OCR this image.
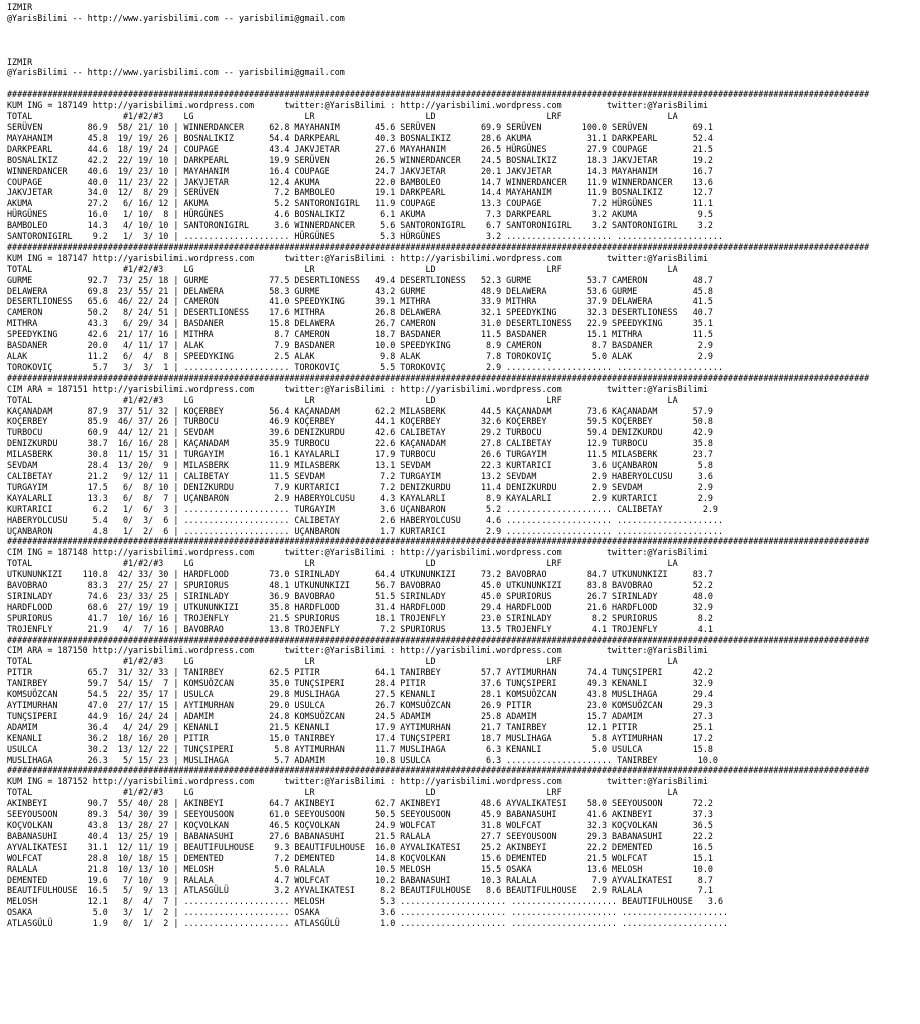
IZMIR
@YarisBilimi -- http://www.yarisbilimi.com -- yarisbilimi@gmail.com
IZMIR
@YarisBilimi -- http://www.yarisbilimi.com -- yarisbilimi@gmail.com
###########################################################################################################################################################################
KUM ING = 187149 http://yarisbilimi.wordpress.com      twitter:@YarisBilimi : http://yarisbilimi.wordpress.com         twitter:@YarisBilimi
TOTAL                  #1/#2/#3    LG                      LR                      LD                      LRF                     LA
SERÜVEN         86.9  58/ 21/ 10 | WINNERDANCER     62.8 MAYAHANIM       45.6 SERÜVEN         69.9 SERÜVEN        100.0 SERÜVEN         69.1
MAYAHANIM       45.8  19/ 19/ 26 | BOSNALIKIZ       54.4 DARKPEARL       40.3 BOSNALIKIZ      28.6 AKUMA           31.1 DARKPEARL       52.4
DARKPEARL       44.6  18/ 19/ 24 | COUPAGE          43.4 JAKVJETAR       27.6 MAYAHANIM       26.5 HÜRGÜNES        27.9 COUPAGE         21.5
BOSNALIKIZ      42.2  22/ 19/ 10 | DARKPEARL        19.9 SERÜVEN         26.5 WINNERDANCER    24.5 BOSNALIKIZ      18.3 JAKVJETAR       19.2
WINNERDANCER    40.6  19/ 23/ 10 | MAYAHANIM        16.4 COUPAGE         24.7 JAKVJETAR       20.1 JAKVJETAR       14.3 MAYAHANIM       16.7
COUPAGE         40.0  11/ 23/ 22 | JAKVJETAR        12.4 AKUMA           22.0 BAMBOLEO        14.7 WINNERDANCER    11.9 WINNERDANCER    13.6
JAKVJETAR       34.0  12/  8/ 29 | SERÜVEN           7.2 BAMBOLEO        19.1 DARKPEARL       14.4 MAYAHANIM       11.9 BOSNALIKIZ      12.7
AKUMA           27.2   6/ 16/ 12 | AKUMA             5.2 SANTORONIGIRL   11.9 COUPAGE         13.3 COUPAGE          7.2 HÜRGÜNES        11.1
HÜRGÜNES        16.0   1/ 10/  8 | HÜRGÜNES          4.6 BOSNALIKIZ       6.1 AKUMA            7.3 DARKPEARL        3.2 AKUMA            9.5
BAMBOLEO        14.3   4/ 10/ 10 | SANTORONIGIRL     3.6 WINNERDANCER     5.6 SANTORONIGIRL    6.7 SANTORONIGIRL    3.2 SANTORONIGIRL    3.2
SANTORONIGIRL    9.2   1/  3/ 10 | ..................... HÜRGÜNES         5.3 HÜRGÜNES         3.2 ..................... .....................
###########################################################################################################################################################################
KUM ING = 187147 http://yarisbilimi.wordpress.com      twitter:@YarisBilimi : http://yarisbilimi.wordpress.com         twitter:@YarisBilimi
TOTAL                  #1/#2/#3    LG                      LR                      LD                      LRF                     LA
GURME           92.7  73/ 25/ 18 | GURME            77.5 DESERTLIONESS   49.4 DESERTLIONESS   52.3 GURME           53.7 CAMERON         48.7
DELAWERA        69.8  23/ 55/ 21 | DELAWERA         58.3 GURME           43.2 GURME           48.9 DELAWERA        53.6 GURME           45.8
DESERTLIONESS   65.6  46/ 22/ 24 | CAMERON          41.0 SPEEDYKING      39.1 MITHRA          33.9 MITHRA          37.9 DELAWERA        41.5
CAMERON         50.2   8/ 24/ 51 | DESERTLIONESS    17.6 MITHRA          26.8 DELAWERA        32.1 SPEEDYKING      32.3 DESERTLIONESS   40.7
MITHRA          43.3   6/ 29/ 34 | BASDANER         15.8 DELAWERA        26.7 CAMERON         31.0 DESERTLIONESS   22.9 SPEEDYKING      35.1
SPEEDYKING      42.6  21/ 17/ 16 | MITHRA            8.7 CAMERON         18.7 BASDANER        11.5 BASDANER        15.1 MITHRA          11.5
BASDANER        20.0   4/ 11/ 17 | ALAK              7.9 BASDANER        10.0 SPEEDYKING       8.9 CAMERON          8.7 BASDANER         2.9
ALAK            11.2   6/  4/  8 | SPEEDYKING        2.5 ALAK             9.8 ALAK             7.8 TOROKOVIÇ        5.0 ALAK             2.9
TOROKOVIÇ        5.7   3/  3/  1 | ..................... TOROKOVIÇ        5.5 TOROKOVIÇ        2.9 ..................... .....................
###########################################################################################################################################################################
CIM ARA = 187151 http://yarisbilimi.wordpress.com      twitter:@YarisBilimi : http://yarisbilimi.wordpress.com         twitter:@YarisBilimi
TOTAL                  #1/#2/#3    LG                      LR                      LD                      LRF                     LA
KAÇANADAM       87.9  37/ 51/ 32 | KOÇERBEY         56.4 KAÇANADAM       62.2 MILASBERK       44.5 KAÇANADAM       73.6 KAÇANADAM       57.9
KOÇERBEY        85.9  46/ 37/ 26 | TURBOCU          46.9 KOÇERBEY        44.1 KOÇERBEY        32.6 KOÇERBEY        59.5 KOÇERBEY        50.8
TURBOCU         60.9  44/ 12/ 21 | SEVDAM           39.6 DENIZKURDU      42.6 CALIBETAY       29.2 TURBOCU         59.4 DENIZKURDU      42.9
DENIZKURDU      38.7  16/ 16/ 28 | KAÇANADAM        35.9 TURBOCU         22.6 KAÇANADAM       27.8 CALIBETAY       12.9 TURBOCU         35.8
MILASBERK       30.8  11/ 15/ 31 | TURGAYIM         16.1 KAYALARLI       17.9 TURBOCU         26.6 TURGAYIM        11.5 MILASBERK       23.7
SEVDAM          28.4  13/ 20/  9 | MILASBERK        11.9 MILASBERK       13.1 SEVDAM          22.3 KURTARICI        3.6 UÇANBARON        5.8
CALIBETAY       21.2   9/ 12/ 11 | CALIBETAY        11.5 SEVDAM           7.2 TURGAYIM        13.2 SEVDAM           2.9 HABERYOLCUSU     3.6
TURGAYIM        17.5   6/  8/ 10 | DENIZKURDU        7.9 KURTARICI        7.2 DENIZKURDU      11.4 DENIZKURDU       2.9 SEVDAM           2.9
KAYALARLI       13.3   6/  8/  7 | UÇANBARON         2.9 HABERYOLCUSU     4.3 KAYALARLI        8.9 KAYALARLI        2.9 KURTARICI        2.9
KURTARICI        6.2   1/  6/  3 | ..................... TURGAYIM         3.6 UÇANBARON        5.2 ..................... CALIBETAY        2.9
HABERYOLCUSU     5.4   0/  3/  6 | ..................... CALIBETAY        2.6 HABERYOLCUSU     4.6 ..................... .....................
UÇANBARON        4.8   1/  2/  6 | ..................... UÇANBARON        1.7 KURTARICI        2.9 ..................... .....................
###########################################################################################################################################################################
CIM ING = 187148 http://yarisbilimi.wordpress.com      twitter:@YarisBilimi : http://yarisbilimi.wordpress.com         twitter:@YarisBilimi
TOTAL                  #1/#2/#3    LG                      LR                      LD                      LRF                     LA
UTKUNUNKIZI    110.8  42/ 33/ 30 | HARDFLOOD        73.0 SIRINLADY       64.4 UTKUNUNKIZI     73.2 BAVOBRAO        84.7 UTKUNUNKIZI     83.7
BAVOBRAO        83.3  27/ 25/ 27 | SPURIORUS        48.1 UTKUNUNKIZI     56.7 BAVOBRAO        45.0 UTKUNUNKIZI     83.8 BAVOBRAO        52.2
SIRINLADY       74.6  23/ 33/ 25 | SIRINLADY        36.9 BAVOBRAO        51.5 SIRINLADY       45.0 SPURIORUS       26.7 SIRINLADY       48.0
HARDFLOOD       68.6  27/ 19/ 19 | UTKUNUNKIZI      35.8 HARDFLOOD       31.4 HARDFLOOD       29.4 HARDFLOOD       21.6 HARDFLOOD       32.9
SPURIORUS       41.7  10/ 16/ 16 | TROJENFLY        21.5 SPURIORUS       18.1 TROJENFLY       23.0 SIRINLADY        8.2 SPURIORUS        8.2
TROJENFLY       21.9   4/  7/ 16 | BAVOBRAO         13.8 TROJENFLY        7.2 SPURIORUS       13.5 TROJENFLY        4.1 TROJENFLY        4.1
###########################################################################################################################################################################
CIM ARA = 187150 http://yarisbilimi.wordpress.com      twitter:@YarisBilimi : http://yarisbilimi.wordpress.com         twitter:@YarisBilimi
TOTAL                  #1/#2/#3    LG                      LR                      LD                      LRF                     LA
PITIR           65.7  31/ 32/ 33 | TANIRBEY         62.5 PITIR           64.1 TANIRBEY        57.7 AYTIMURHAN      74.4 TUNÇSIPERI      42.2
TANIRBEY        59.7  54/ 15/  7 | KOMSUÖZCAN       35.0 TUNÇSIPERI      28.4 PITIR           37.6 TUNÇSIPERI      49.3 KENANLI         32.9
KOMSUÖZCAN      54.5  22/ 35/ 17 | USULCA           29.8 MUSLIHAGA       27.5 KENANLI         28.1 KOMSUÖZCAN      43.8 MUSLIHAGA       29.4
AYTIMURHAN      47.0  27/ 17/ 15 | AYTIMURHAN       29.0 USULCA          26.7 KOMSUÖZCAN      26.9 PITIR           23.0 KOMSUÖZCAN      29.3
TUNÇSIPERI      44.9  16/ 24/ 24 | ADAMIM           24.8 KOMSUÖZCAN      24.5 ADAMIM          25.8 ADAMIM          15.7 ADAMIM          27.3
ADAMIM          36.4   4/ 24/ 29 | KENANLI          21.5 KENANLI         17.9 AYTIMURHAN      21.7 TANIRBEY        12.1 PITIR           25.1
KENANLI         36.2  18/ 16/ 20 | PITIR            15.0 TANIRBEY        17.4 TUNÇSIPERI      18.7 MUSLIHAGA        5.8 AYTIMURHAN      17.2
USULCA          30.2  13/ 12/ 22 | TUNÇSIPERI        5.8 AYTIMURHAN      11.7 MUSLIHAGA        6.3 KENANLI          5.0 USULCA          15.8
MUSLIHAGA       26.3   5/ 15/ 23 | MUSLIHAGA         5.7 ADAMIM          10.8 USULCA           6.3 ..................... TANIRBEY        10.0
###########################################################################################################################################################################
KUM ING = 187152 http://yarisbilimi.wordpress.com      twitter:@YarisBilimi : http://yarisbilimi.wordpress.com         twitter:@YarisBilimi
TOTAL                  #1/#2/#3    LG                      LR                      LD                      LRF                     LA
AKINBEYI        90.7  55/ 40/ 28 | AKINBEYI         64.7 AKINBEYI        62.7 AKINBEYI        48.6 AYVALIKATESI    58.0 SEEYOUSOON      72.2
SEEYOUSOON      89.3  54/ 30/ 39 | SEEYOUSOON       61.0 SEEYOUSOON      50.5 SEEYOUSOON      45.9 BABANASUHI      41.6 AKINBEYI        37.3
KOÇVOLKAN       43.8  13/ 28/ 27 | KOÇVOLKAN        46.5 KOÇVOLKAN       24.9 WOLFCAT         31.8 WOLFCAT         32.3 KOÇVOLKAN       36.5
BABANASUHI      40.4  13/ 25/ 19 | BABANASUHI       27.6 BABANASUHI      21.5 RALALA          27.7 SEEYOUSOON      29.3 BABANASUHI      22.2
AYVALIKATESI    31.1  12/ 11/ 19 | BEAUTIFULHOUSE    9.3 BEAUTIFULHOUSE  16.0 AYVALIKATESI    25.2 AKINBEYI        22.2 DEMENTED        16.5
WOLFCAT         28.8  10/ 18/ 15 | DEMENTED          7.2 DEMENTED        14.8 KOÇVOLKAN       15.6 DEMENTED        21.5 WOLFCAT         15.1
RALALA          21.8  10/ 13/ 10 | MELOSH            5.0 RALALA          10.5 MELOSH          15.5 OSAKA           13.6 MELOSH          10.0
DEMENTED        19.6   7/ 10/  9 | RALALA            4.7 WOLFCAT         10.2 BABANASUHI      10.3 RALALA           7.9 AYVALIKATESI     8.7
BEAUTIFULHOUSE  16.5   5/  9/ 13 | ATLASGÜLÜ         3.2 AYVALIKATESI     8.2 BEAUTIFULHOUSE   8.6 BEAUTIFULHOUSE   2.9 RALALA           7.1
MELOSH          12.1   8/  4/  7 | ..................... MELOSH           5.3 ..................... ..................... BEAUTIFULHOUSE   3.6
OSAKA            5.0   3/  1/  2 | ..................... OSAKA            3.6 ..................... ..................... .....................
ATLASGÜLÜ        1.9   0/  1/  2 | ..................... ATLASGÜLÜ        1.0 ..................... ..................... .....................
